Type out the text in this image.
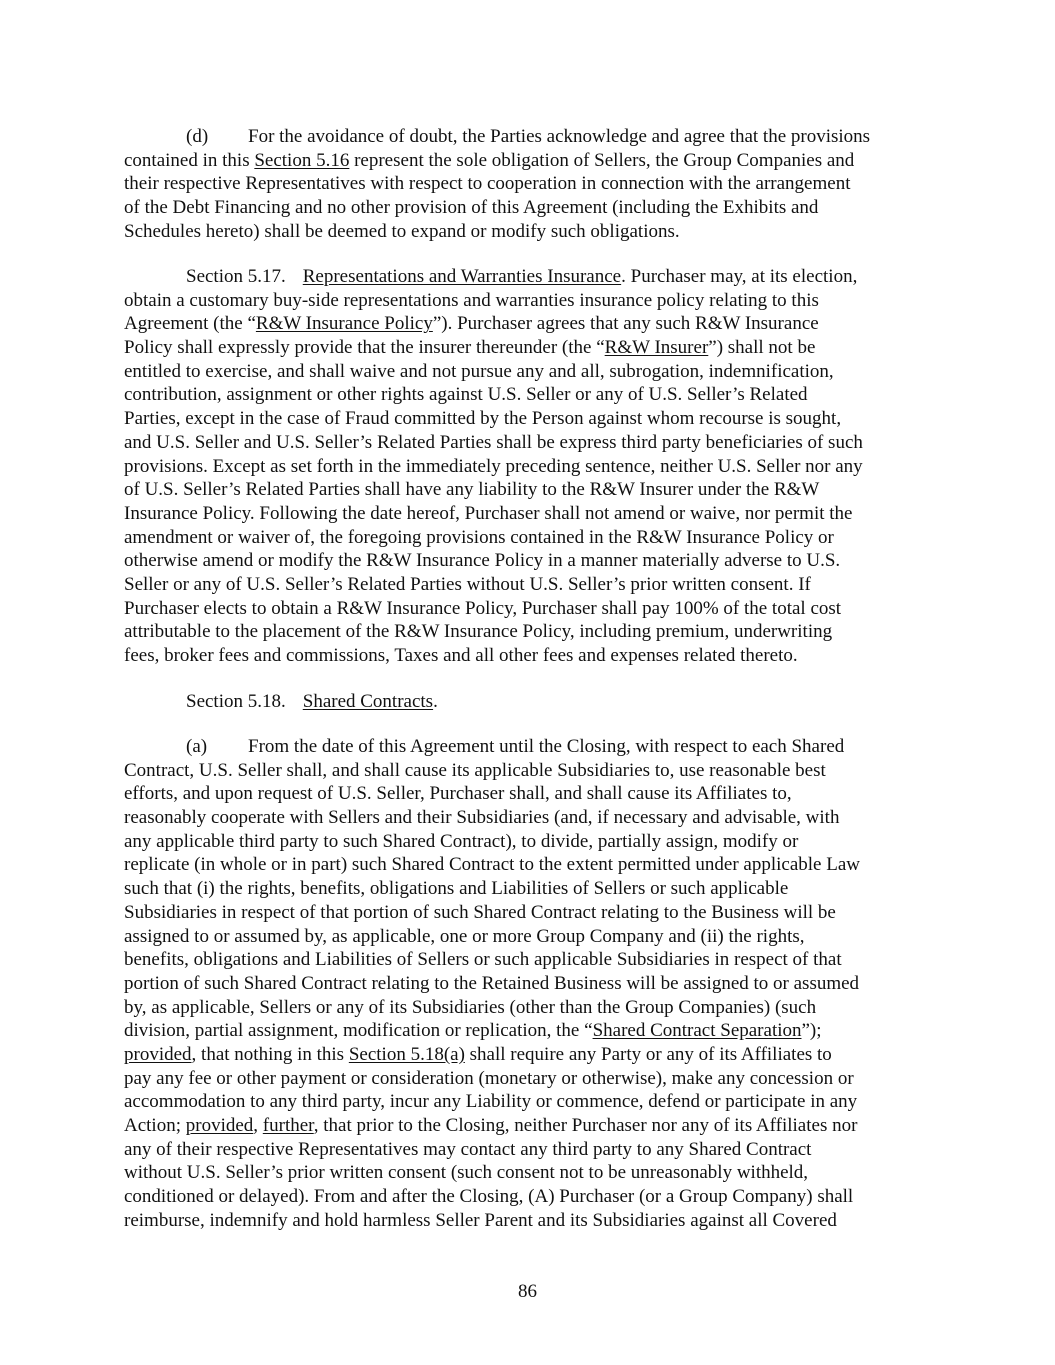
(d) For the avoidance of doubt, the Parties acknowledge and agree that the provisions
contained in this Section 5.16 represent the sole obligation of Sellers, the Group Companies and
their respective Representatives with respect to cooperation in connection with the arrangement
of the Debt Financing and no other provision of this Agreement (including the Exhibits and
Schedules hereto) shall be deemed to expand or modify such obligations.
Section 5.17. Representations and Warranties Insurance. Purchaser may, at its election,
obtain a customary buy-side representations and warranties insurance policy relating to this
Agreement (the “R&W Insurance Policy”). Purchaser agrees that any such R&W Insurance
Policy shall expressly provide that the insurer thereunder (the “R&W Insurer”) shall not be
entitled to exercise, and shall waive and not pursue any and all, subrogation, indemnification,
contribution, assignment or other rights against U.S. Seller or any of U.S. Seller’s Related
Parties, except in the case of Fraud committed by the Person against whom recourse is sought,
and U.S. Seller and U.S. Seller’s Related Parties shall be express third party beneficiaries of such
provisions. Except as set forth in the immediately preceding sentence, neither U.S. Seller nor any
of U.S. Seller’s Related Parties shall have any liability to the R&W Insurer under the R&W
Insurance Policy. Following the date hereof, Purchaser shall not amend or waive, nor permit the
amendment or waiver of, the foregoing provisions contained in the R&W Insurance Policy or
otherwise amend or modify the R&W Insurance Policy in a manner materially adverse to U.S.
Seller or any of U.S. Seller’s Related Parties without U.S. Seller’s prior written consent. If
Purchaser elects to obtain a R&W Insurance Policy, Purchaser shall pay 100% of the total cost
attributable to the placement of the R&W Insurance Policy, including premium, underwriting
fees, broker fees and commissions, Taxes and all other fees and expenses related thereto.
Section 5.18. Shared Contracts.
(a) From the date of this Agreement until the Closing, with respect to each Shared
Contract, U.S. Seller shall, and shall cause its applicable Subsidiaries to, use reasonable best
efforts, and upon request of U.S. Seller, Purchaser shall, and shall cause its Affiliates to,
reasonably cooperate with Sellers and their Subsidiaries (and, if necessary and advisable, with
any applicable third party to such Shared Contract), to divide, partially assign, modify or
replicate (in whole or in part) such Shared Contract to the extent permitted under applicable Law
such that (i) the rights, benefits, obligations and Liabilities of Sellers or such applicable
Subsidiaries in respect of that portion of such Shared Contract relating to the Business will be
assigned to or assumed by, as applicable, one or more Group Company and (ii) the rights,
benefits, obligations and Liabilities of Sellers or such applicable Subsidiaries in respect of that
portion of such Shared Contract relating to the Retained Business will be assigned to or assumed
by, as applicable, Sellers or any of its Subsidiaries (other than the Group Companies) (such
division, partial assignment, modification or replication, the “Shared Contract Separation”);
provided, that nothing in this Section 5.18(a) shall require any Party or any of its Affiliates to
pay any fee or other payment or consideration (monetary or otherwise), make any concession or
accommodation to any third party, incur any Liability or commence, defend or participate in any
Action; provided, further, that prior to the Closing, neither Purchaser nor any of its Affiliates nor
any of their respective Representatives may contact any third party to any Shared Contract
without U.S. Seller’s prior written consent (such consent not to be unreasonably withheld,
conditioned or delayed). From and after the Closing, (A) Purchaser (or a Group Company) shall
reimburse, indemnify and hold harmless Seller Parent and its Subsidiaries against all Covered
86
